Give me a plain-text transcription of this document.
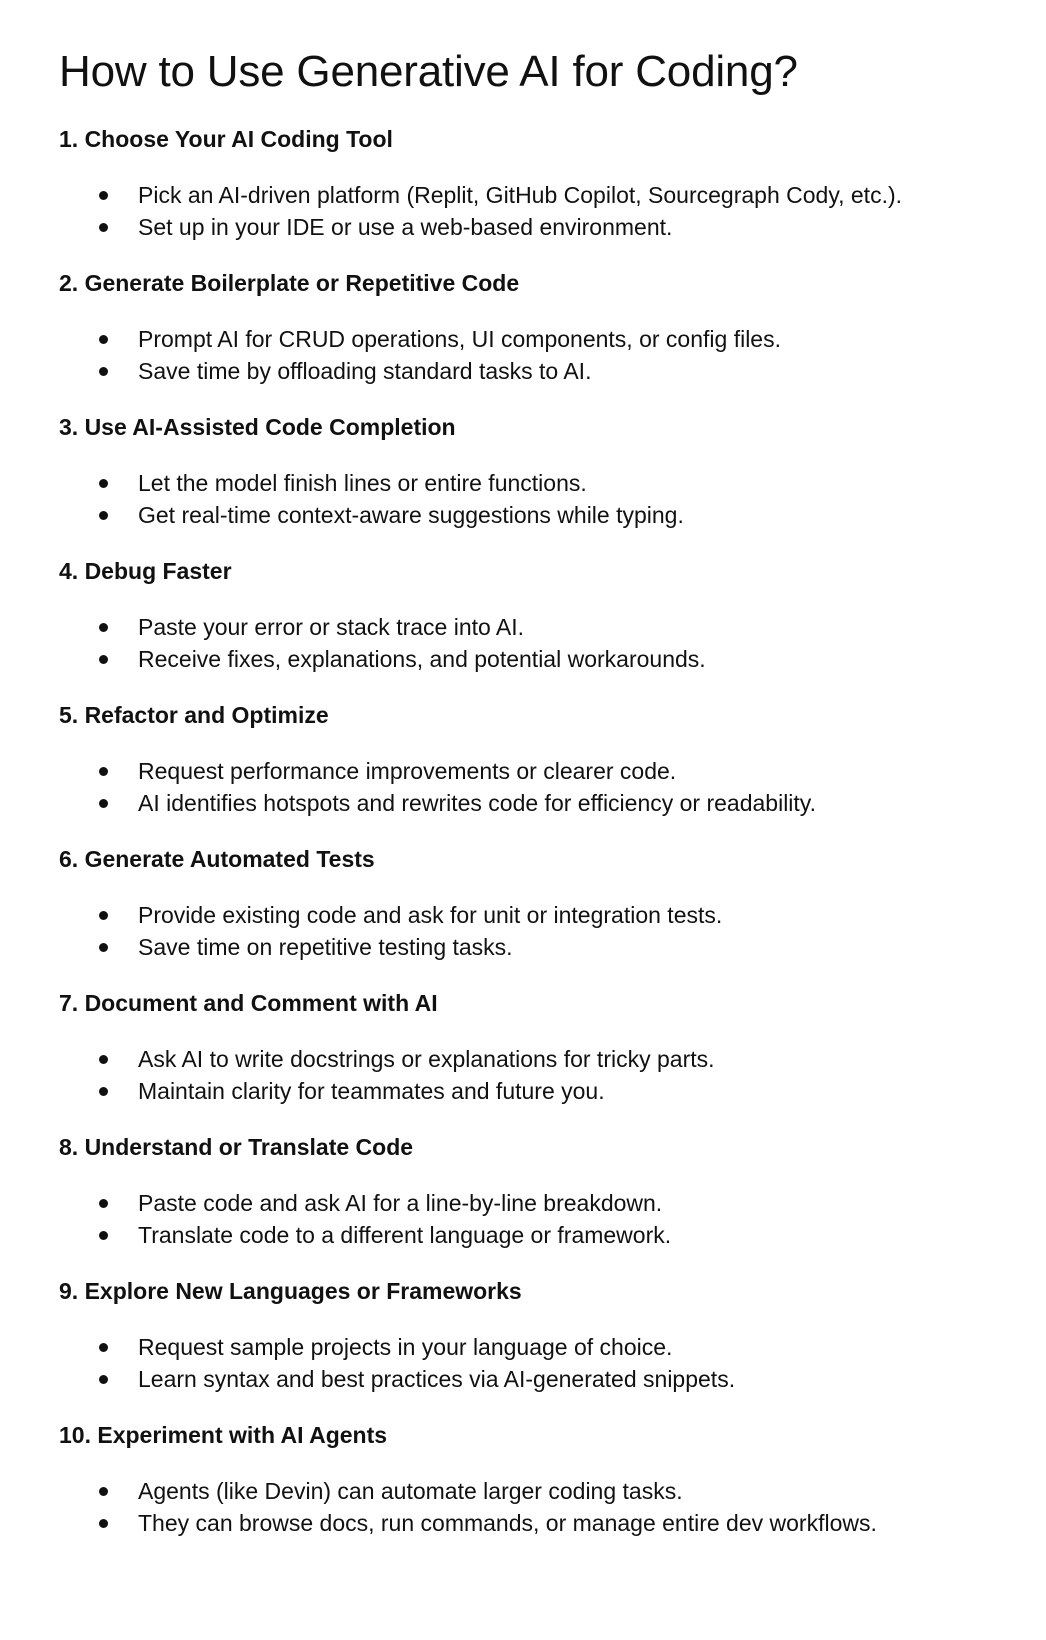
How to Use Generative AI for Coding?
1. Choose Your AI Coding Tool
Pick an AI-driven platform (Replit, GitHub Copilot, Sourcegraph Cody, etc.).
Set up in your IDE or use a web-based environment.
2. Generate Boilerplate or Repetitive Code
Prompt AI for CRUD operations, UI components, or config files.
Save time by offloading standard tasks to AI.
3. Use AI-Assisted Code Completion
Let the model finish lines or entire functions.
Get real-time context-aware suggestions while typing.
4. Debug Faster
Paste your error or stack trace into AI.
Receive fixes, explanations, and potential workarounds.
5. Refactor and Optimize
Request performance improvements or clearer code.
AI identifies hotspots and rewrites code for efficiency or readability.
6. Generate Automated Tests
Provide existing code and ask for unit or integration tests.
Save time on repetitive testing tasks.
7. Document and Comment with AI
Ask AI to write docstrings or explanations for tricky parts.
Maintain clarity for teammates and future you.
8. Understand or Translate Code
Paste code and ask AI for a line-by-line breakdown.
Translate code to a different language or framework.
9. Explore New Languages or Frameworks
Request sample projects in your language of choice.
Learn syntax and best practices via AI-generated snippets.
10. Experiment with AI Agents
Agents (like Devin) can automate larger coding tasks.
They can browse docs, run commands, or manage entire dev workflows.
